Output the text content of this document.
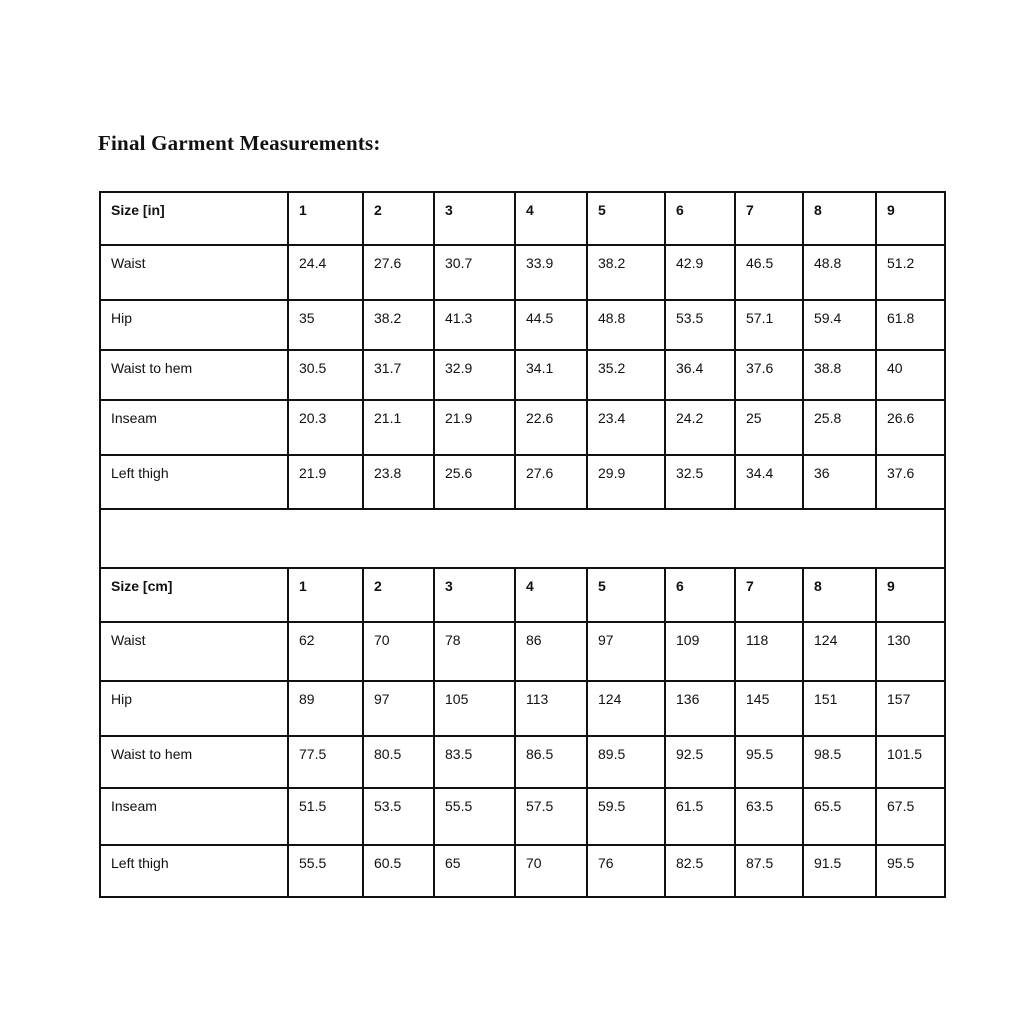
Final Garment Measurements:
Size [in]	1	2	3	4	5	6	7	8	9
Waist	24.4	27.6	30.7	33.9	38.2	42.9	46.5	48.8	51.2
Hip	35	38.2	41.3	44.5	48.8	53.5	57.1	59.4	61.8
Waist to hem	30.5	31.7	32.9	34.1	35.2	36.4	37.6	38.8	40
Inseam	20.3	21.1	21.9	22.6	23.4	24.2	25	25.8	26.6
Left thigh	21.9	23.8	25.6	27.6	29.9	32.5	34.4	36	37.6

Size [cm]	1	2	3	4	5	6	7	8	9
Waist	62	70	78	86	97	109	118	124	130
Hip	89	97	105	113	124	136	145	151	157
Waist to hem	77.5	80.5	83.5	86.5	89.5	92.5	95.5	98.5	101.5
Inseam	51.5	53.5	55.5	57.5	59.5	61.5	63.5	65.5	67.5
Left thigh	55.5	60.5	65	70	76	82.5	87.5	91.5	95.5
